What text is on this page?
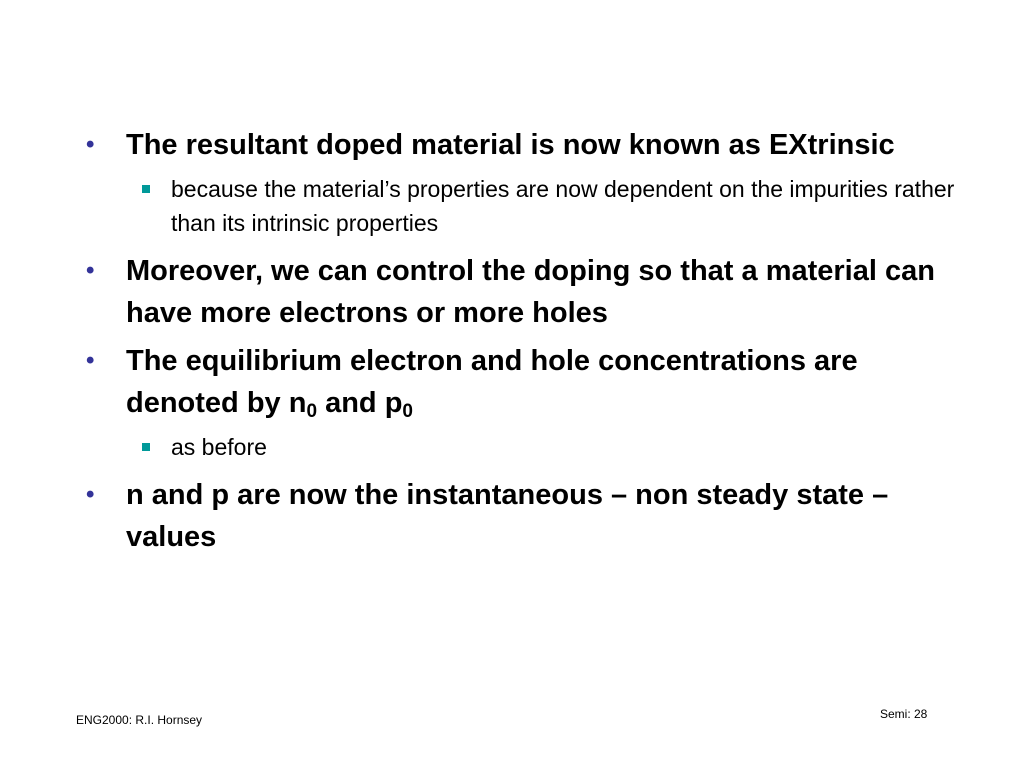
• The resultant doped material is now known as EXtrinsic
because the material’s properties are now dependent on the impurities rather than its intrinsic properties
• Moreover, we can control the doping so that a material can have more electrons or more holes
• The equilibrium electron and hole concentrations are denoted by $n_0$ and $p_0$
as before
• n and p are now the instantaneous – non steady state – values
ENG2000: R.I. Hornsey	Semi: 28
